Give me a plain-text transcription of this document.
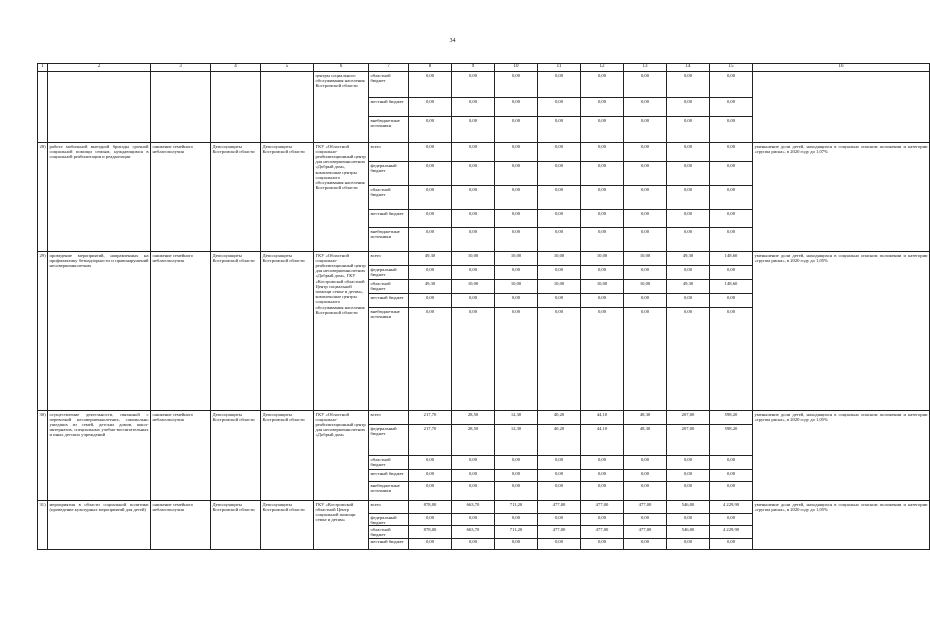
34
1	2	3	4	5	6	7	8	9	10	11	12	13	14	15	16
					центры социального обслуживания населения Костромской области	областной бюджет	0,00	0,00	0,00	0,00	0,00	0,00	0,00	0,00	
						местный бюджет	0,00	0,00	0,00	0,00	0,00	0,00	0,00	0,00	
						внебюджетные источники	0,00	0,00	0,00	0,00	0,00	0,00	0,00	0,00	
28)	работа мобильной выездной бригады срочной социальной помощи семьям, нуждающимся в социальной реабилитации и реадаптации	снижение семейного неблагополучия	Депсоцзащиты Костромской области	Депсоцзащиты Костромской области	ГКУ «Областной социально-реабилитационный центр для несовершеннолетних «Добрый дом», комплексные центры социального обслуживания населения Костромской области	всего	0,00	0,00	0,00	0,00	0,00	0,00	0,00	0,00	уменьшение доли детей, находящихся в социально опасном положении и категории «группа риска», в 2020 году до 1,07%
						федеральный бюджет	0,00	0,00	0,00	0,00	0,00	0,00	0,00	0,00	
						областной бюджет	0,00	0,00	0,00	0,00	0,00	0,00	0,00	0,00	
						местный бюджет	0,00	0,00	0,00	0,00	0,00	0,00	0,00	0,00	
						внебюджетные источники	0,00	0,00	0,00	0,00	0,00	0,00	0,00	0,00	
29)	проведение мероприятий, направленных на профилактику безнадзорности и правонарушений несовершеннолетних	снижение семейного неблагополучия	Депсоцзащиты Костромской области	Депсоцзащиты Костромской области	ГКУ «Областной социально-реабилитационный центр для несовершеннолетних «Добрый дом», ГКУ «Костромской областной Центр социальной помощи семье и детям», комплексные центры социального обслуживания населения Костромской области	всего	49,30	10,00	10,00	10,00	10,00	10,00	49,30	148,60	уменьшение доли детей, находящихся в социально опасном положении и категории «группа риска», в 2020 году до 1,05%
						федеральный бюджет	0,00	0,00	0,00	0,00	0,00	0,00	0,00	0,00	
						областной бюджет	49,30	10,00	10,00	10,00	10,00	10,00	49,30	148,60	
						местный бюджет	0,00	0,00	0,00	0,00	0,00	0,00	0,00	0,00	
						внебюджетные источники	0,00	0,00	0,00	0,00	0,00	0,00	0,00	0,00	
30)	осуществление деятельности, связанной с перевозкой несовершеннолетних, самовольно ушедших из семей, детских домов, школ-интернатов, специальных учебно-воспитательных и иных детских учреждений	снижение семейного неблагополучия	Депсоцзащиты Костромской области	Депсоцзащиты Костромской области	ГКУ «Областной социально-реабилитационный центр для несовершеннолетних «Добрый дом»	всего	217,70	28,50	12,30	40,20	44,10	48,30	207,00	598,20	уменьшение доли детей, находящихся в социально опасном положении и категории «группа риска», в 2020 году до 1,05%
						федеральный бюджет	217,70	28,50	12,30	40,20	44,10	48,30	207,00	598,20	
						областной бюджет	0,00	0,00	0,00	0,00	0,00	0,00	0,00	0,00	
						местный бюджет	0,00	0,00	0,00	0,00	0,00	0,00	0,00	0,00	
						внебюджетные источники	0,00	0,00	0,00	0,00	0,00	0,00	0,00	0,00	
31)	мероприятия в области социальной политики (проведение культурных мероприятий для детей)	снижение семейного неблагополучия	Депсоцзащиты Костромской области	Депсоцзащиты Костромской области	ГКУ «Костромской областной Центр социальной помощи семье и детям»	всего	878,00	663,70	711,20	477,00	477,00	477,00	546,00	4 229,90	уменьшение доли детей, находящихся в социально опасном положении и категории «группа риска», в 2020 году до 1,05%
						федеральный бюджет	0,00	0,00	0,00	0,00	0,00	0,00	0,00	0,00	
						областной бюджет	878,00	663,70	711,20	477,00	477,00	477,00	546,00	4 229,90	
						местный бюджет	0,00	0,00	0,00	0,00	0,00	0,00	0,00	0,00	
